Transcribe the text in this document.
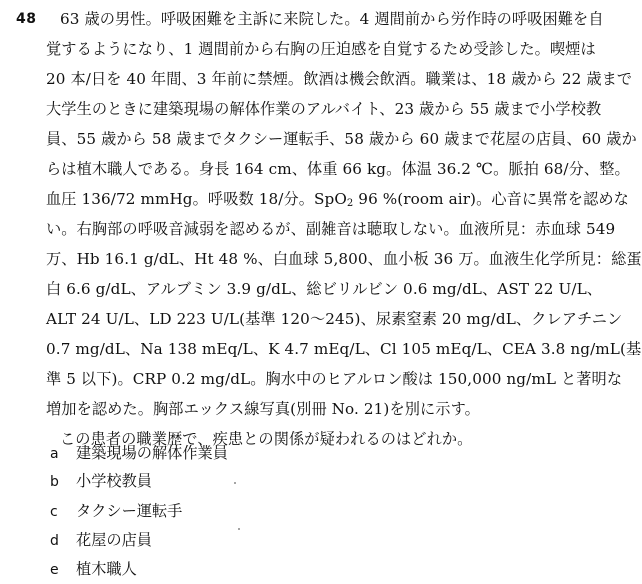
48 63 歳の男性。呼吸困難を主訴に来院した。4 週間前から労作時の呼吸困難を自
覚するようになり、1 週間前から右胸の圧迫感を自覚するため受診した。喫煙は
20 本/日を 40 年間、3 年前に禁煙。飲酒は機会飲酒。職業は、18 歳から 22 歳まで
大学生のときに建築現場の解体作業のアルバイト、23 歳から 55 歳まで小学校教
員、55 歳から 58 歳までタクシー運転手、58 歳から 60 歳まで花屋の店員、60 歳か
らは植木職人である。身長 164 cm、体重 66 kg。体温 36.2 ℃。脈拍 68/分、整。
血圧 136/72 mmHg。呼吸数 18/分。SpO$_2$ 96 %(room air)。心音に異常を認めな
い。右胸部の呼吸音減弱を認めるが、副雑音は聴取しない。血液所見：赤血球 549
万、Hb 16.1 g/dL、Ht 48 %、白血球 5,800、血小板 36 万。血液生化学所見：総蛋
白 6.6 g/dL、アルブミン 3.9 g/dL、総ビリルビン 0.6 mg/dL、AST 22 U/L、
ALT 24 U/L、LD 223 U/L(基準 120〜245)、尿素窒素 20 mg/dL、クレアチニン
0.7 mg/dL、Na 138 mEq/L、K 4.7 mEq/L、Cl 105 mEq/L、CEA 3.8 ng/mL(基
準 5 以下)。CRP 0.2 mg/dL。胸水中のヒアルロン酸は 150,000 ng/mL と著明な
増加を認めた。胸部エックス線写真(別冊 No. 21)を別に示す。
この患者の職業歴で、疾患との関係が疑われるのはどれか。
a 建築現場の解体作業員
b 小学校教員
c タクシー運転手
d 花屋の店員
e 植木職人
